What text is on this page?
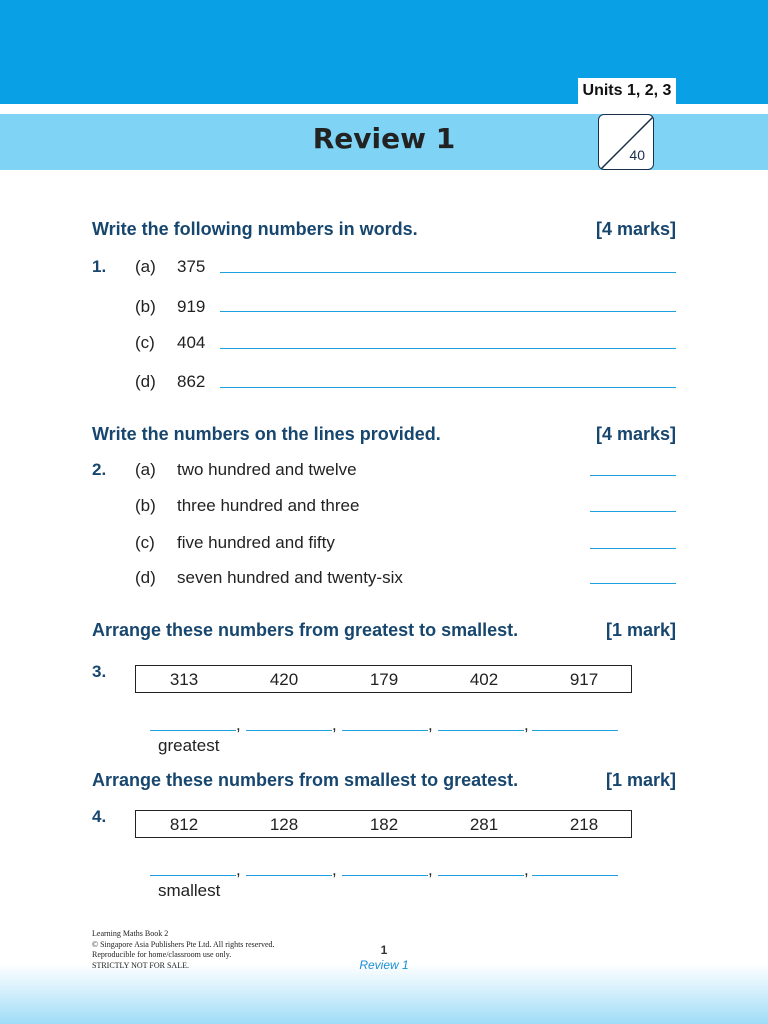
Units 1, 2, 3
Review 1	40
Write the following numbers in words.	[4 marks]
1. (a) 375
(b) 919
(c) 404
(d) 862
Write the numbers on the lines provided.	[4 marks]
2. (a) two hundred and twelve
(b) three hundred and three
(c) five hundred and fifty
(d) seven hundred and twenty-six
Arrange these numbers from greatest to smallest.	[1 mark]
3.	313	420	179	402	917
,	,	,	,
greatest
Arrange these numbers from smallest to greatest.	[1 mark]
4.	812	128	182	281	218
,	,	,	,
smallest
Learning Maths Book 2
© Singapore Asia Publishers Pte Ltd. All rights reserved.
Reproducible for home/classroom use only.
STRICTLY NOT FOR SALE.
1
Review 1
